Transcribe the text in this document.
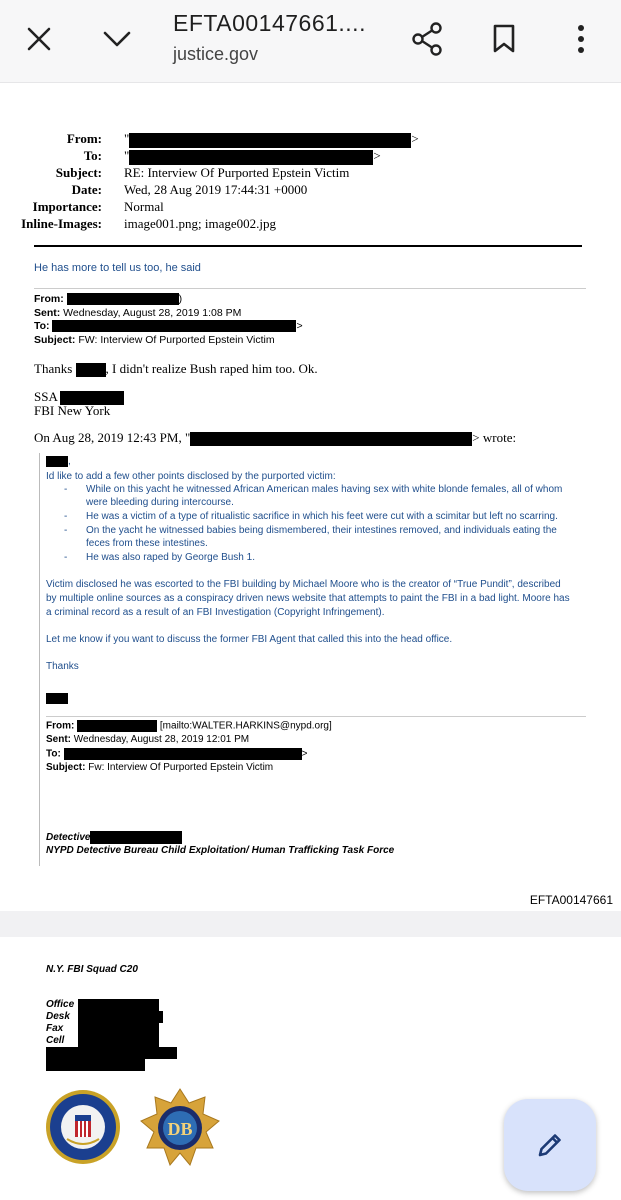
EFTA00147661....
justice.gov
From: "	>
To: "	>
Subject: RE: Interview Of Purported Epstein Victim
Date: Wed, 28 Aug 2019 17:44:31 +0000
Importance: Normal
Inline-Images: image001.png; image002.jpg
He has more to tell us too, he said
From:	)
Sent: Wednesday, August 28, 2019 1:08 PM
To:	>
Subject: FW: Interview Of Purported Epstein Victim
Thanks	, I didn't realize Bush raped him too. Ok.
SSA
FBI New York
On Aug 28, 2019 12:43 PM, "	> wrote:
,
Id like to add a few other points disclosed by the purported victim:
- While on this yacht he witnessed African American males having sex with white blonde females, all of whom
were bleeding during intercourse.
- He was a victim of a type of ritualistic sacrifice in which his feet were cut with a scimitar but left no scarring.
- On the yacht he witnessed babies being dismembered, their intestines removed, and individuals eating the
feces from these intestines.
- He was also raped by George Bush 1.
Victim disclosed he was escorted to the FBI building by Michael Moore who is the creator of “True Pundit”, described
by multiple online sources as a conspiracy driven news website that attempts to paint the FBI in a bad light. Moore has
a criminal record as a result of an FBI Investigation (Copyright Infringement).
Let me know if you want to discuss the former FBI Agent that called this into the head office.
Thanks
From:	[mailto:WALTER.HARKINS@nypd.org]
Sent: Wednesday, August 28, 2019 12:01 PM
To:	>
Subject: Fw: Interview Of Purported Epstein Victim
Detective
NYPD Detective Bureau Child Exploitation/ Human Trafficking Task Force
EFTA00147661
N.Y. FBI Squad C20
Office
Desk
Fax
Cell
DB
